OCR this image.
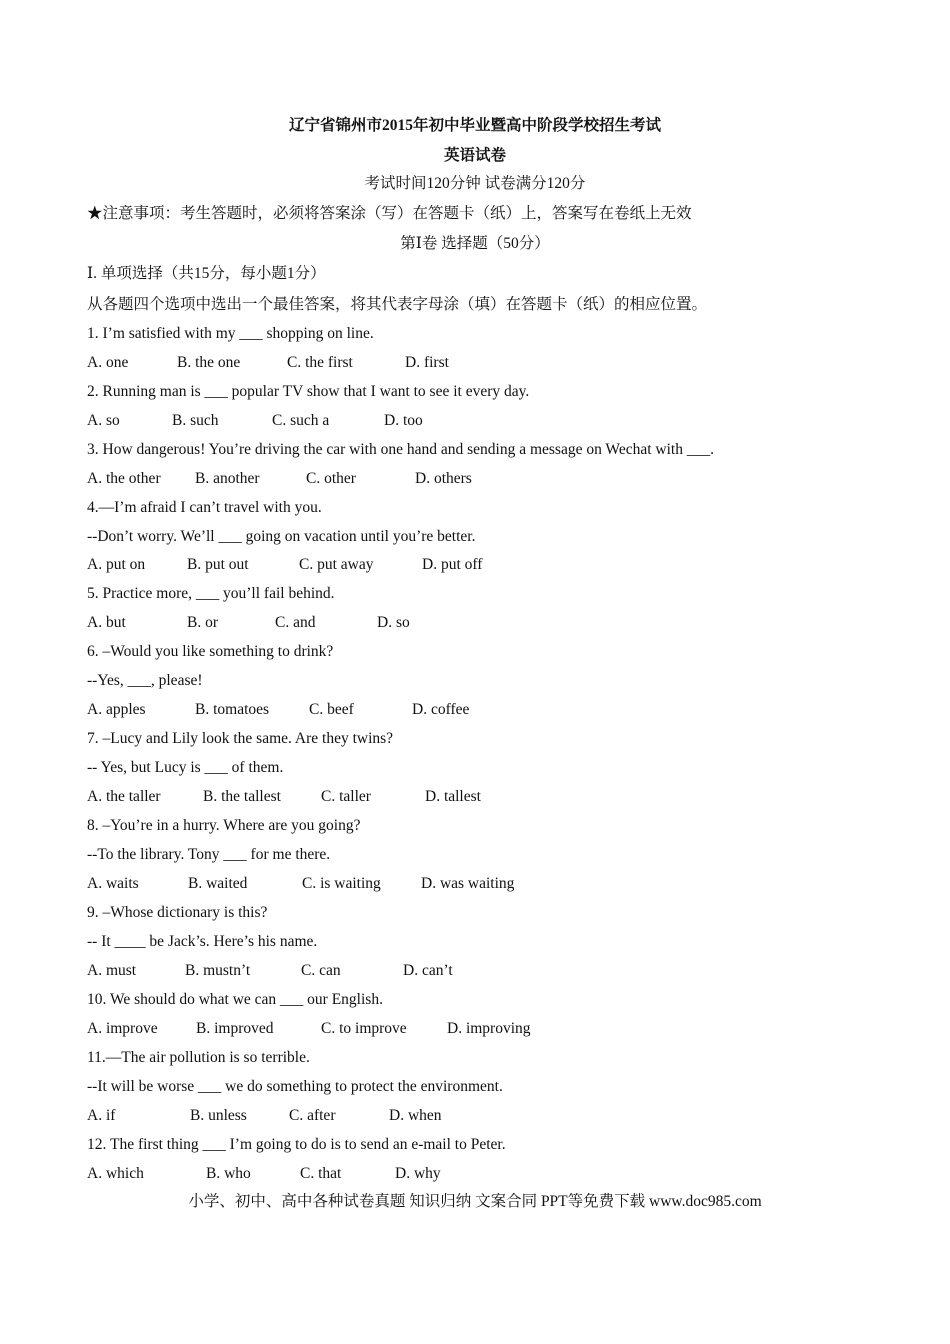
辽宁省锦州市2015年初中毕业暨高中阶段学校招生考试
英语试卷
考试时间120分钟 试卷满分120分
★注意事项：考生答题时，必须将答案涂（写）在答题卡（纸）上，答案写在卷纸上无效
第Ⅰ卷 选择题（50分）
Ⅰ. 单项选择（共15分，每小题1分）
从各题四个选项中选出一个最佳答案，将其代表字母涂（填）在答题卡（纸）的相应位置。
1. I’m satisfied with my ___ shopping on line.
A. one	B. the one	C. the first	D. first
2. Running man is ___ popular TV show that I want to see it every day.
A. so	B. such	C. such a	D. too
3. How dangerous! You’re driving the car with one hand and sending a message on Wechat with ___.
A. the other B. another	C. other	D. others
4.—I’m afraid I can’t travel with you.
--Don’t worry. We’ll ___ going on vacation until you’re better.
A. put on	B. put out	C. put away	D. put off
5. Practice more, ___ you’ll fail behind.
A. but	B. or	C. and	D. so
6. –Would you like something to drink?
--Yes, ___, please!
A. apples	B. tomatoes	C. beef	D. coffee
7. –Lucy and Lily look the same. Are they twins?
-- Yes, but Lucy is ___ of them.
A. the taller	B. the tallest	C. taller	D. tallest
8. –You’re in a hurry. Where are you going?
--To the library. Tony ___ for me there.
A. waits	B. waited	C. is waiting	D. was waiting
9. –Whose dictionary is this?
-- It ____ be Jack’s. Here’s his name.
A. must	B. mustn’t	C. can	D. can’t
10. We should do what we can ___ our English.
A. improve B. improved	C. to improve	D. improving
11.—The air pollution is so terrible.
--It will be worse ___ we do something to protect the environment.
A. if	B. unless	C. after	D. when
12. The first thing ___ I’m going to do is to send an e-mail to Peter.
A. which	B. who	C. that	D. why
小学、初中、高中各种试卷真题 知识归纳 文案合同 PPT等免费下载 www.doc985.com
